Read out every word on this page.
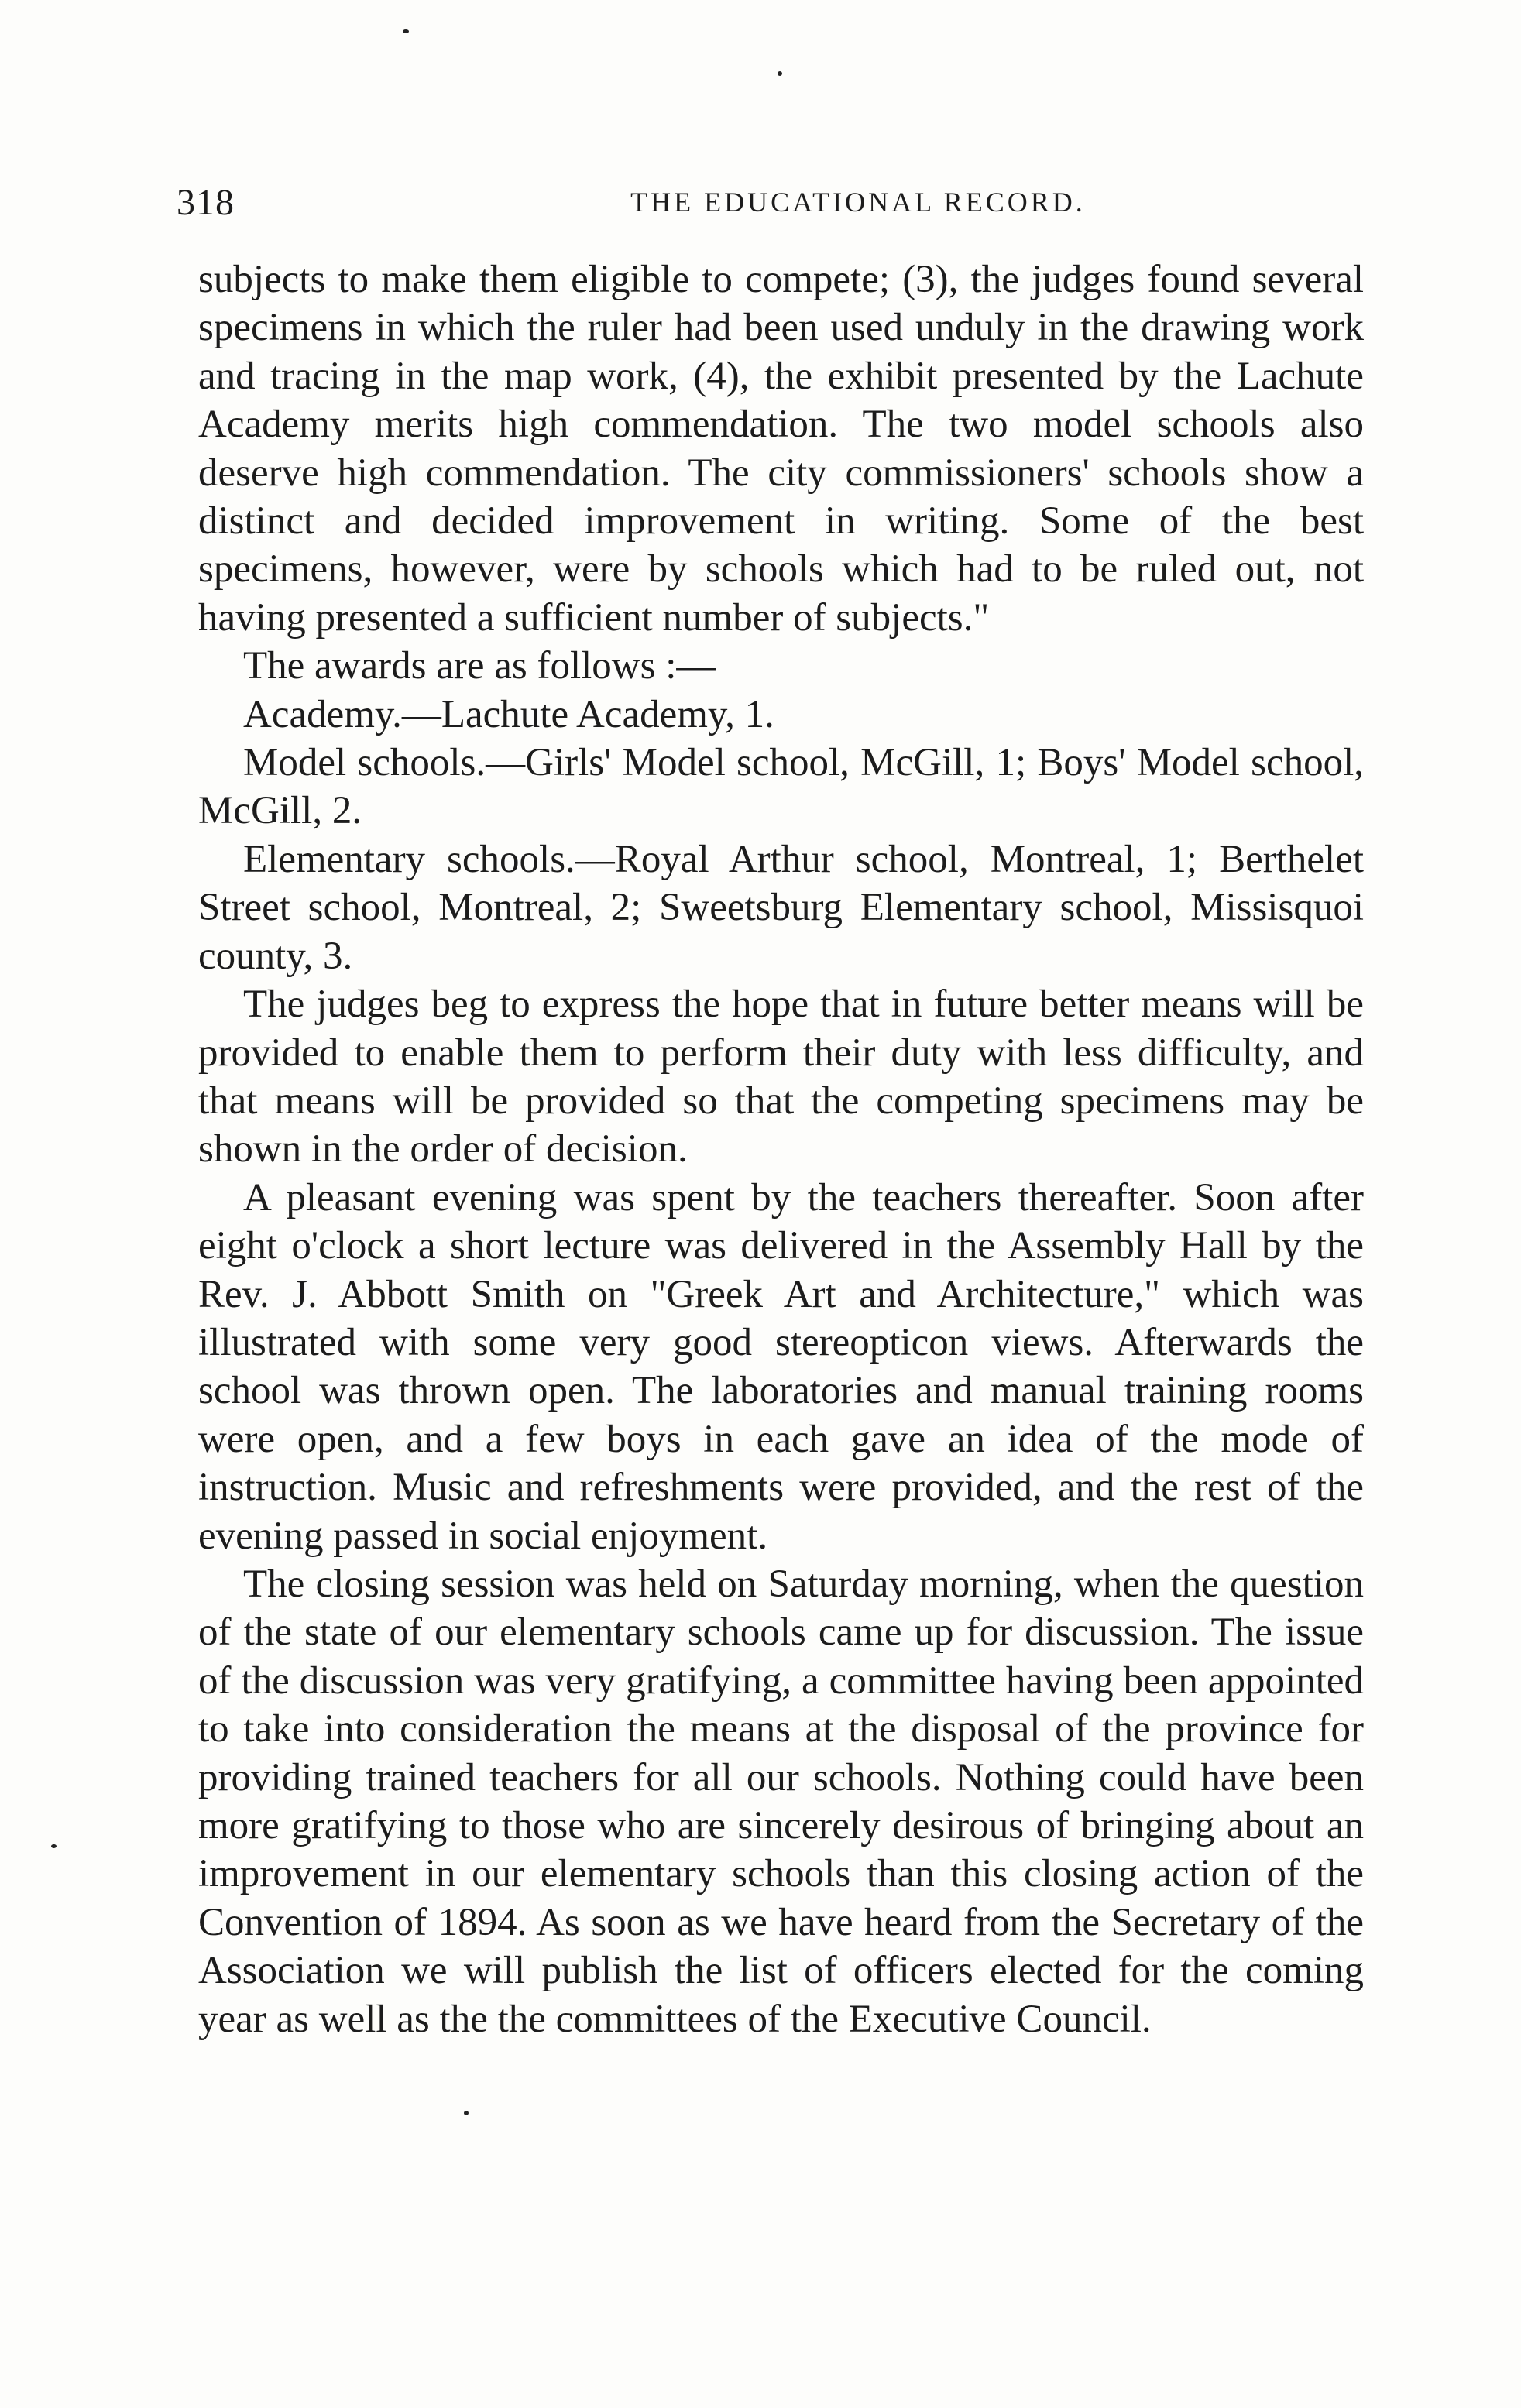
318	THE EDUCATIONAL RECORD.

subjects to make them eligible to compete; (3), the judges found several specimens in which the ruler had been used unduly in the drawing work and tracing in the map work, (4), the exhibit presented by the Lachute Academy merits high commendation. The two model schools also deserve high commendation. The city commissioners' schools show a distinct and decided improvement in writing. Some of the best specimens, however, were by schools which had to be ruled out, not having presented a sufficient number of subjects."

The awards are as follows :—

Academy.—Lachute Academy, 1.

Model schools.—Girls' Model school, McGill, 1; Boys' Model school, McGill, 2.

Elementary schools.—Royal Arthur school, Montreal, 1; Berthelet Street school, Montreal, 2; Sweetsburg Elementary school, Missisquoi county, 3.

The judges beg to express the hope that in future better means will be provided to enable them to perform their duty with less difficulty, and that means will be provided so that the competing specimens may be shown in the order of decision.

A pleasant evening was spent by the teachers thereafter. Soon after eight o'clock a short lecture was delivered in the Assembly Hall by the Rev. J. Abbott Smith on "Greek Art and Architecture," which was illustrated with some very good stereopticon views. Afterwards the school was thrown open. The laboratories and manual training rooms were open, and a few boys in each gave an idea of the mode of instruction. Music and refreshments were provided, and the rest of the evening passed in social enjoyment.

The closing session was held on Saturday morning, when the question of the state of our elementary schools came up for discussion. The issue of the discussion was very gratifying, a committee having been appointed to take into consideration the means at the disposal of the province for providing trained teachers for all our schools. Nothing could have been more gratifying to those who are sincerely desirous of bringing about an improvement in our elementary schools than this closing action of the Convention of 1894. As soon as we have heard from the Secretary of the Association we will publish the list of officers elected for the coming year as well as the the committees of the Executive Council.
